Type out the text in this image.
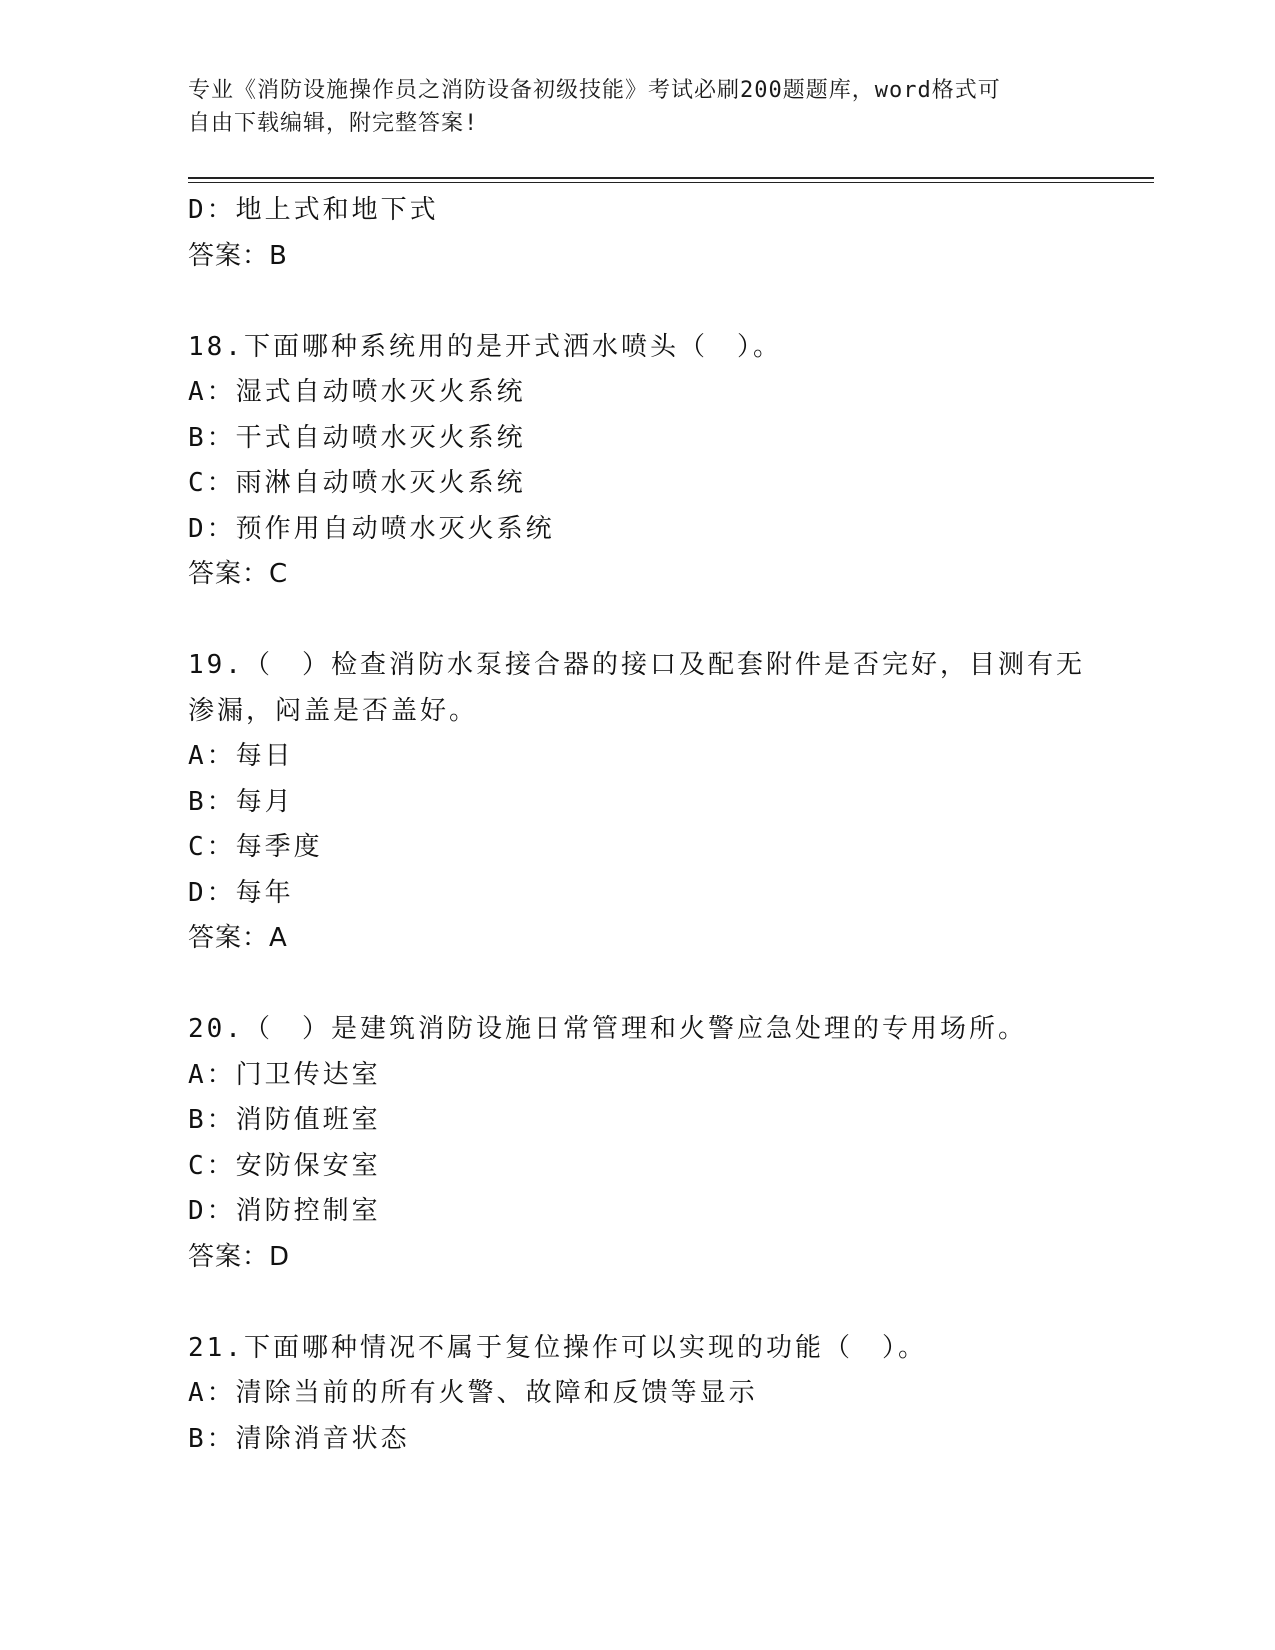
专业《消防设施操作员之消防设备初级技能》考试必刷200题题库，word格式可
自由下载编辑，附完整答案!
D：地上式和地下式
答案：B
18.下面哪种系统用的是开式洒水喷头（　）。
A：湿式自动喷水灭火系统
B：干式自动喷水灭火系统
C：雨淋自动喷水灭火系统
D：预作用自动喷水灭火系统
答案：C
19.（　）检查消防水泵接合器的接口及配套附件是否完好，目测有无渗漏，闷盖是否盖好。
A：每日
B：每月
C：每季度
D：每年
答案：A
20.（　）是建筑消防设施日常管理和火警应急处理的专用场所。
A：门卫传达室
B：消防值班室
C：安防保安室
D：消防控制室
答案：D
21.下面哪种情况不属于复位操作可以实现的功能（　）。
A：清除当前的所有火警、故障和反馈等显示
B：清除消音状态
